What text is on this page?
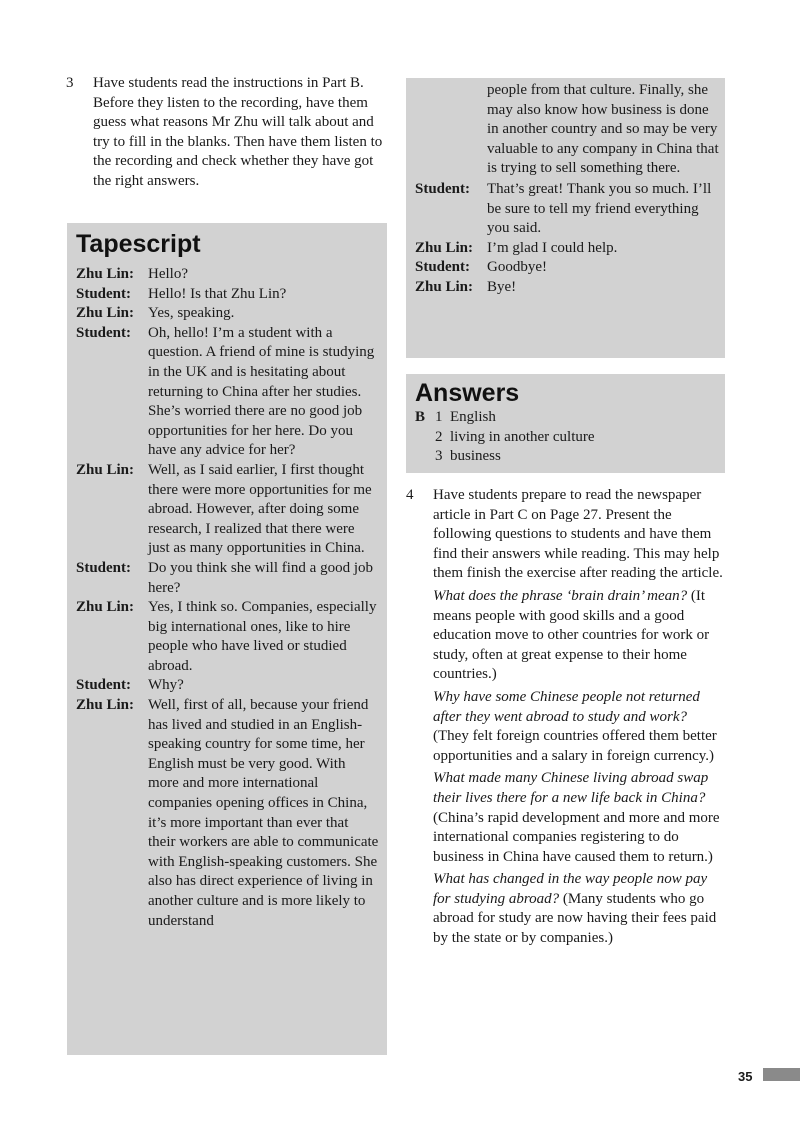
3	Have students read the instructions in Part B. Before they listen to the recording, have them guess what reasons Mr Zhu will talk about and try to fill in the blanks. Then have them listen to the recording and check whether they have got the right answers.
Tapescript
Zhu Lin: Hello?
Student:	Hello! Is that Zhu Lin?
Zhu Lin: Yes, speaking.
Student:	Oh, hello! I’m a student with a question. A friend of mine is studying in the UK and is hesitating about returning to China after her studies. She’s worried there are no good job opportunities for her here. Do you have any advice for her?
Zhu Lin: Well, as I said earlier, I first thought there were more opportunities for me abroad. However, after doing some research, I realized that there were just as many opportunities in China.
Student:	Do you think she will find a good job here?
Zhu Lin: Yes, I think so. Companies, especially big international ones, like to hire people who have lived or studied abroad.
Student:	Why?
Zhu Lin: Well, first of all, because your friend has lived and studied in an English-speaking country for some time, her English must be very good. With more and more international companies opening offices in China, it’s more important than ever that their workers are able to communicate with English-speaking customers. She also has direct experience of living in another culture and is more likely to understand
people from that culture. Finally, she may also know how business is done in another country and so may be very valuable to any company in China that is trying to sell something there.
Student:	That’s great! Thank you so much. I’ll be sure to tell my friend everything you said.
Zhu Lin: I’m glad I could help.
Student:	Goodbye!
Zhu Lin: Bye!
Answers
B 1 English
2 living in another culture
3 business
4	Have students prepare to read the newspaper article in Part C on Page 27. Present the following questions to students and have them find their answers while reading. This may help them finish the exercise after reading the article.
What does the phrase ‘brain drain’ mean? (It means people with good skills and a good education move to other countries for work or study, often at great expense to their home countries.)
Why have some Chinese people not returned after they went abroad to study and work? (They felt foreign countries offered them better opportunities and a salary in foreign currency.)
What made many Chinese living abroad swap their lives there for a new life back in China? (China’s rapid development and more and more international companies registering to do business in China have caused them to return.)
What has changed in the way people now pay for studying abroad? (Many students who go abroad for study are now having their fees paid by the state or by companies.)
35
